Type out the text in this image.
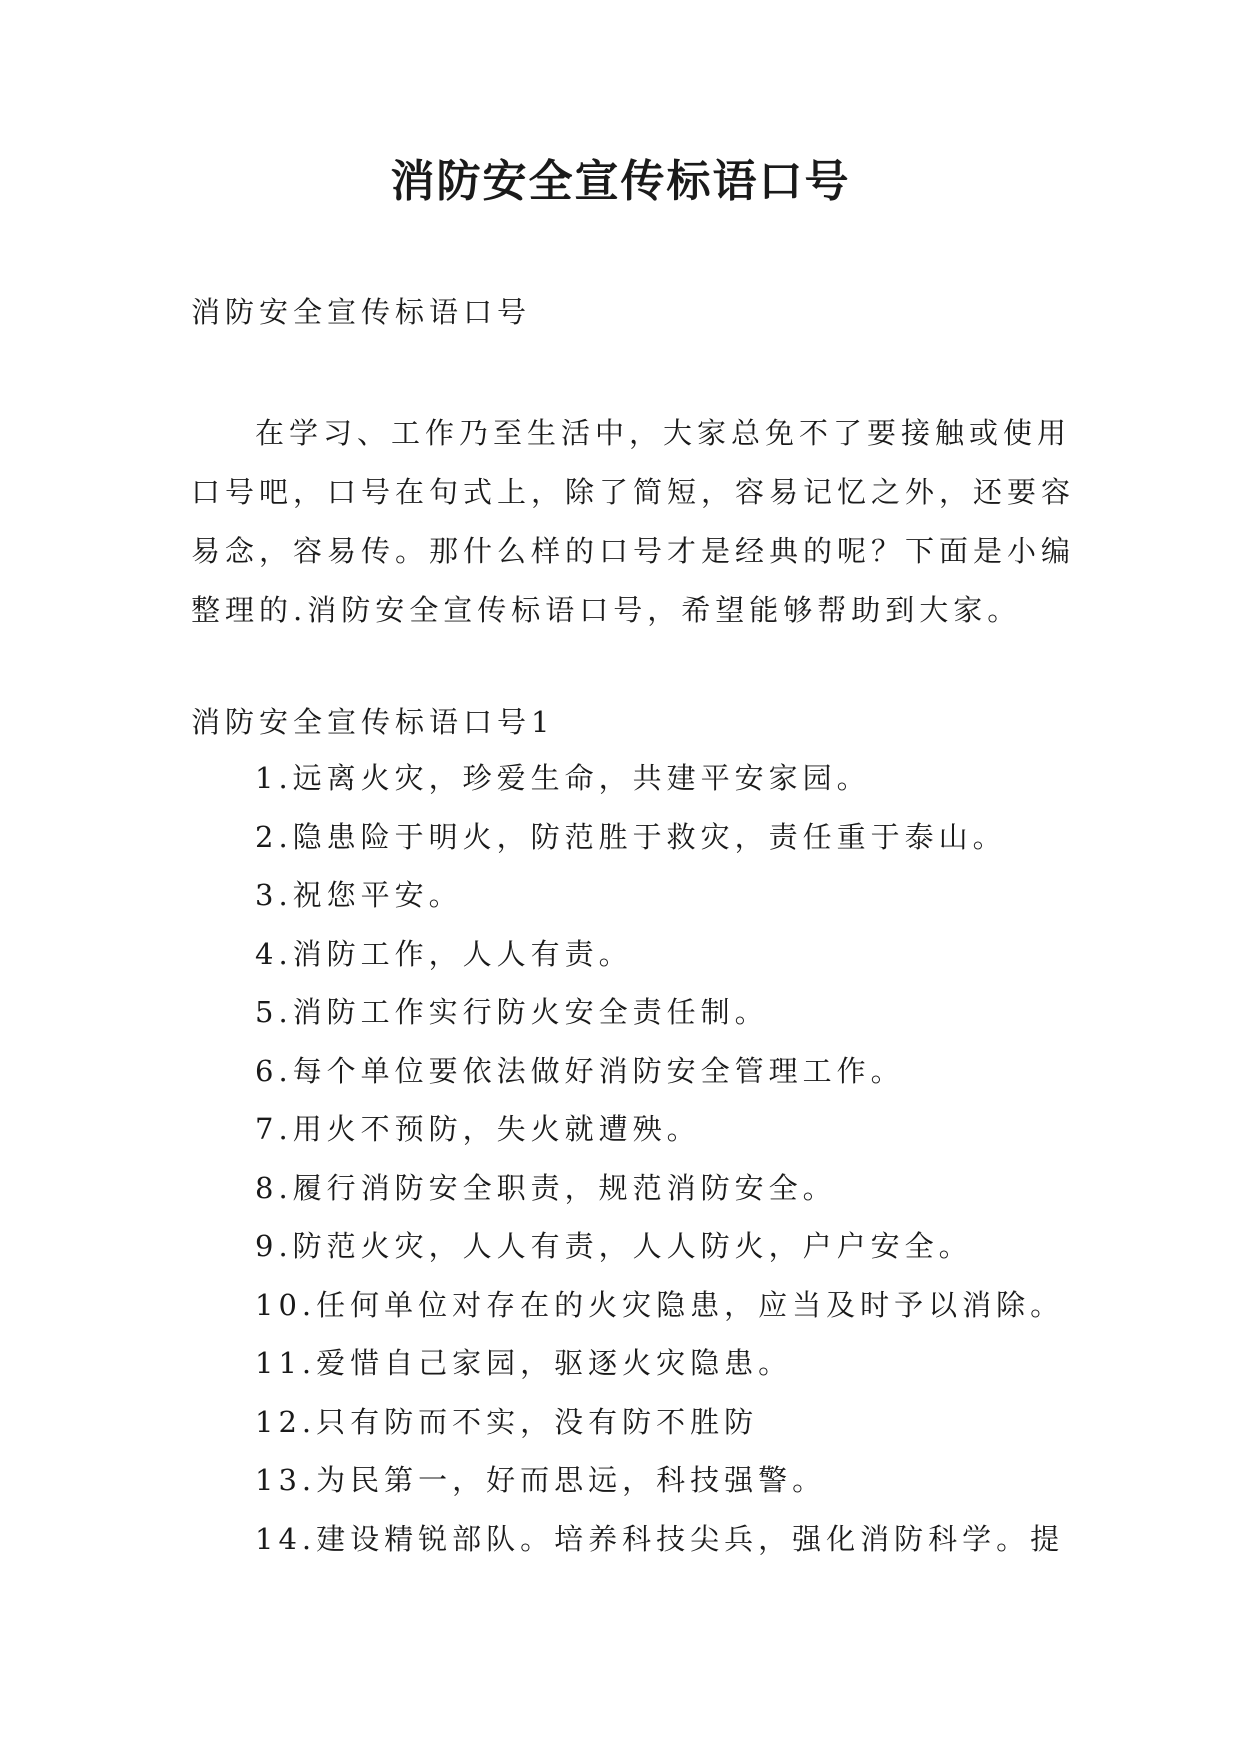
消防安全宣传标语口号
消防安全宣传标语口号
在学习、工作乃至生活中，大家总免不了要接触或使用
口号吧，口号在句式上，除了简短，容易记忆之外，还要容
易念，容易传。那什么样的口号才是经典的呢？下面是小编
整理的.消防安全宣传标语口号，希望能够帮助到大家。
消防安全宣传标语口号1
1.远离火灾，珍爱生命，共建平安家园。
2.隐患险于明火，防范胜于救灾，责任重于泰山。
3.祝您平安。
4.消防工作，人人有责。
5.消防工作实行防火安全责任制。
6.每个单位要依法做好消防安全管理工作。
7.用火不预防，失火就遭殃。
8.履行消防安全职责，规范消防安全。
9.防范火灾，人人有责，人人防火，户户安全。
10.任何单位对存在的火灾隐患，应当及时予以消除。
11.爱惜自己家园，驱逐火灾隐患。
12.只有防而不实，没有防不胜防
13.为民第一，好而思远，科技强警。
14.建设精锐部队。培养科技尖兵，强化消防科学。提
